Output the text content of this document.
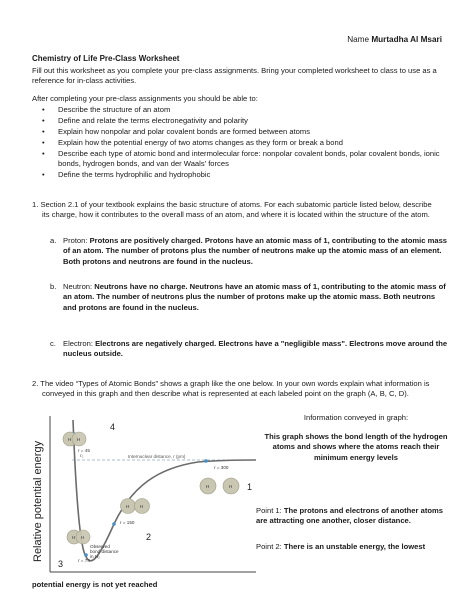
Name Murtadha Al Msari
Chemistry of Life Pre-Class Worksheet
Fill out this worksheet as you complete your pre-class assignments. Bring your completed worksheet to class to use as a reference for in-class activities.
After completing your pre-class assignments you should be able to:
• Describe the structure of an atom
• Define and relate the terms electronegativity and polarity
• Explain how nonpolar and polar covalent bonds are formed between atoms
• Explain how the potential energy of two atoms changes as they form or break a bond
• Describe each type of atomic bond and intermolecular force: nonpolar covalent bonds, polar covalent bonds, ionic bonds, hydrogen bonds, and van der Waals' forces
• Define the terms hydrophilic and hydrophobic
1. Section 2.1 of your textbook explains the basic structure of atoms. For each subatomic particle listed below, describe
its charge, how it contributes to the overall mass of an atom, and where it is located within the structure of the atom.
a. Proton: Protons are positively charged. Protons have an atomic mass of 1, contributing to the atomic mass of an atom. The number of protons plus the number of neutrons make up the atomic mass of an element. Both protons and neutrons are found in the nucleus.
b. Neutron: Neutrons have no charge. Neutrons have an atomic mass of 1, contributing to the atomic mass of an atom. The number of neutrons plus the number of protons make up the atomic mass. Both neutrons and protons are found in the nucleus.
c. Electron: Electrons are negatively charged. Electrons have a "negligible mass". Electrons move around the nucleus outside.
2. The video “Types of Atomic Bonds” shows a graph like the one below. In your own words explain what information is
conveyed in this graph and then describe what is represented at each labeled point on the graph (A, B, C, D).
Relative potential energy	Internuclear distance, r (pm)
r₀
r = 45
r = 300
r = 150
r = 74
Observed
bond distance
in H₂
H H
4
H	H 1
H H
2
H H
3
Information conveyed in graph:
This graph shows the bond length of the hydrogen atoms and shows where the atoms reach their minimum energy levels
Point 1: The protons and electrons of another atoms are attracting one another, closer distance.
Point 2: There is an unstable energy, the lowest
potential energy is not yet reached
